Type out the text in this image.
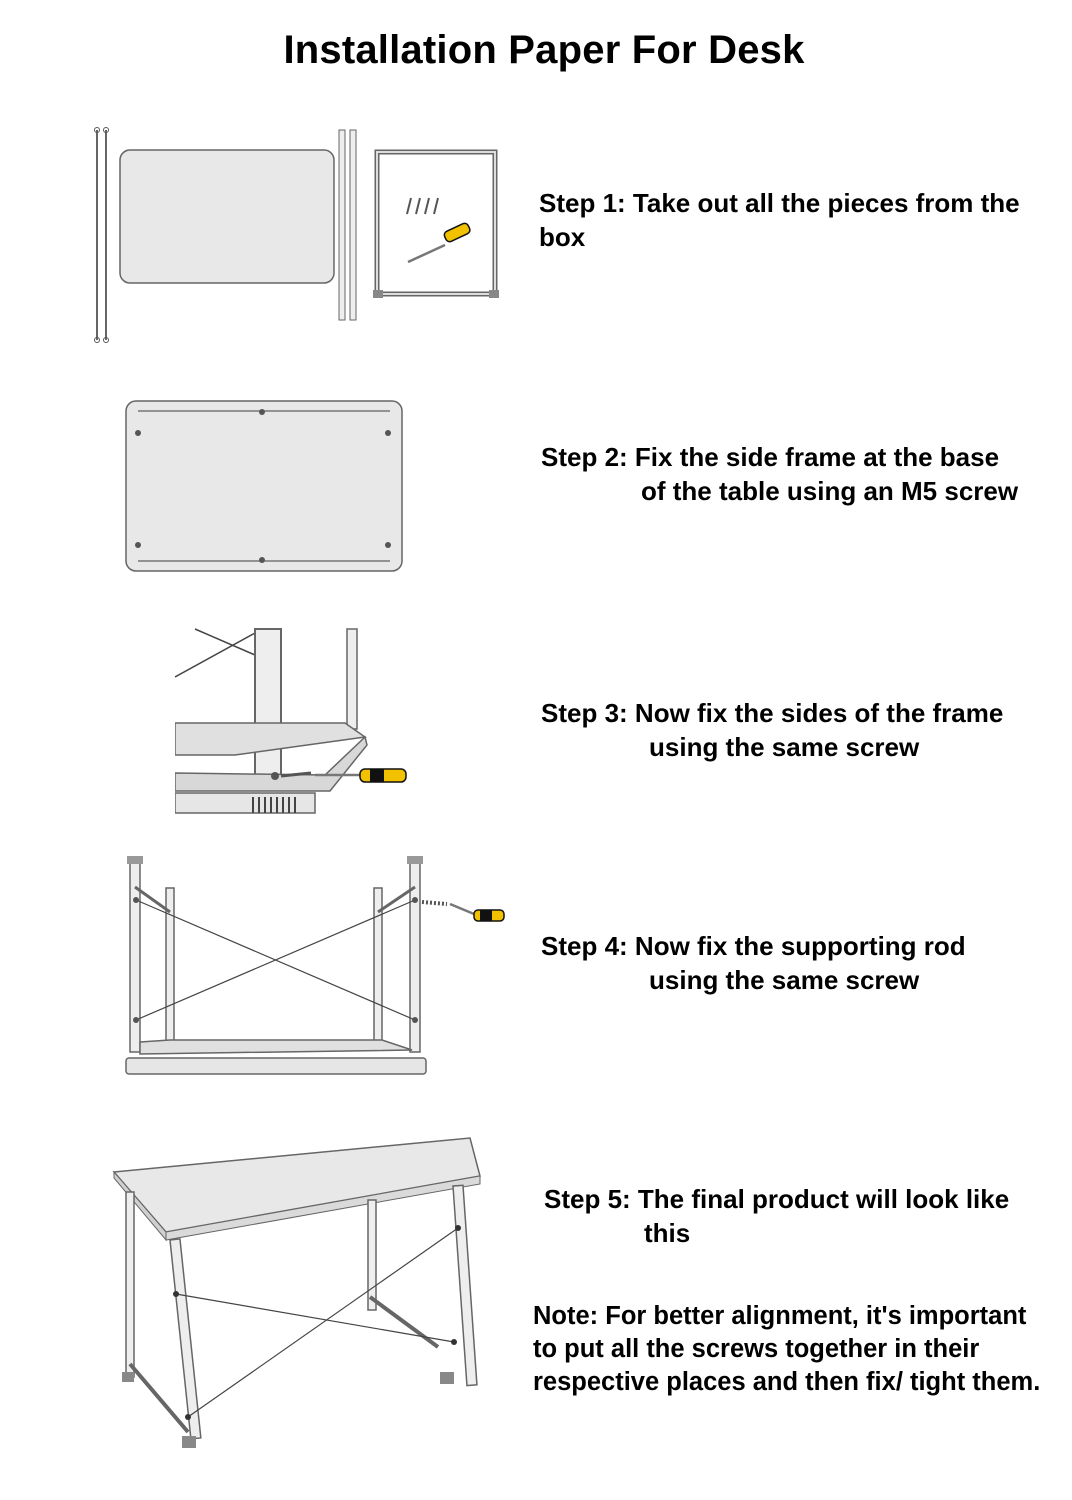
Installation Paper For Desk
Step 1: Take out all the pieces from the
box
Step 2: Fix the side frame at the base
of the table using an M5 screw
Step 3: Now fix the sides of the frame
using the same screw
Step 4: Now fix the supporting rod
using the same screw
Step 5: The final product will look like
this
Note: For better alignment, it's important
to put all the screws together in their
respective places and then fix/ tight them.
